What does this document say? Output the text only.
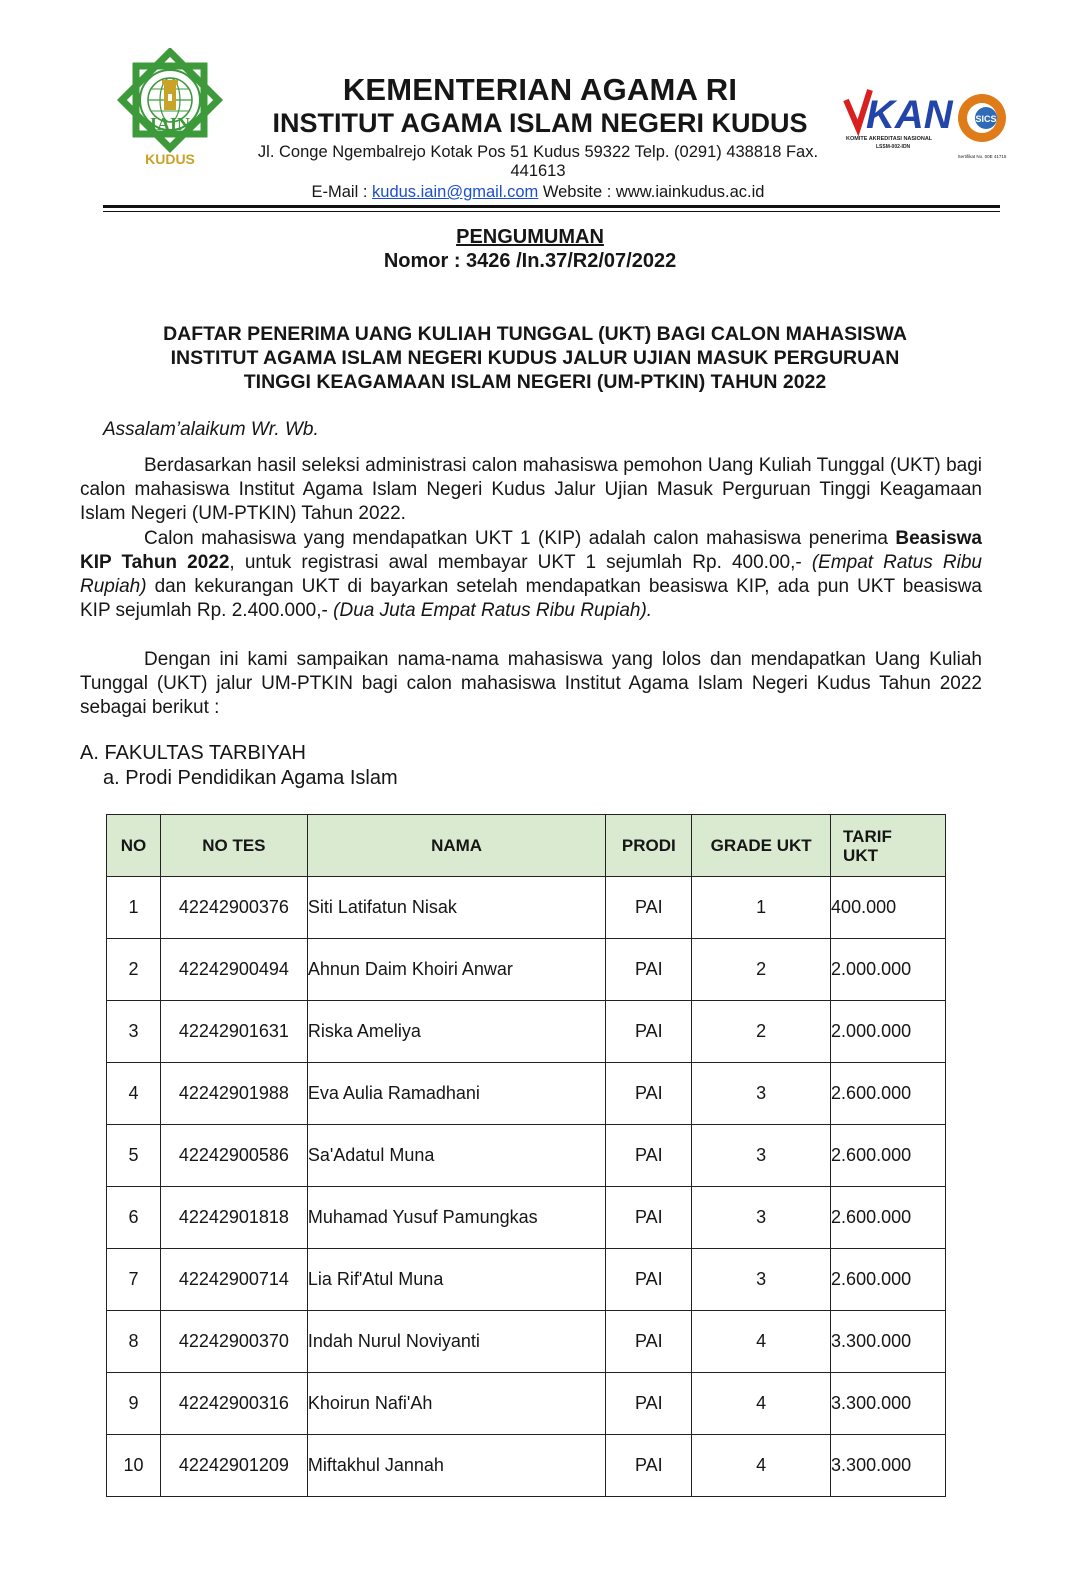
IAIN
KUDUS
KEMENTERIAN AGAMA RI
INSTITUT AGAMA ISLAM NEGERI KUDUS
Jl. Conge Ngembalrejo Kotak Pos 51 Kudus 59322 Telp. (0291) 438818 Fax.
441613
E-Mail : kudus.iain@gmail.com Website : www.iainkudus.ac.id
KAN
KOMITE AKREDITASI NASIONAL
LSSM-002-IDN
SICS
SUCOFINDO
ISO 9001
Sertifikat No. 00E 41715
PENGUMUMAN
Nomor : 3426 /In.37/R2/07/2022
DAFTAR PENERIMA UANG KULIAH TUNGGAL (UKT) BAGI CALON MAHASISWA
INSTITUT AGAMA ISLAM NEGERI KUDUS JALUR UJIAN MASUK PERGURUAN
TINGGI KEAGAMAAN ISLAM NEGERI (UM-PTKIN) TAHUN 2022
Assalam’alaikum Wr. Wb.
Berdasarkan hasil seleksi administrasi calon mahasiswa pemohon Uang Kuliah Tunggal (UKT) bagi calon mahasiswa Institut Agama Islam Negeri Kudus Jalur Ujian Masuk Perguruan Tinggi Keagamaan Islam Negeri (UM-PTKIN) Tahun 2022.
Calon mahasiswa yang mendapatkan UKT 1 (KIP) adalah calon mahasiswa penerima Beasiswa KIP Tahun 2022, untuk registrasi awal membayar UKT 1 sejumlah Rp. 400.00,- (Empat Ratus Ribu Rupiah) dan kekurangan UKT di bayarkan setelah mendapatkan beasiswa KIP, ada pun UKT beasiswa KIP sejumlah Rp. 2.400.000,- (Dua Juta Empat Ratus Ribu Rupiah).
Dengan ini kami sampaikan nama-nama mahasiswa yang lolos dan mendapatkan Uang Kuliah Tunggal (UKT) jalur UM-PTKIN bagi calon mahasiswa Institut Agama Islam Negeri Kudus Tahun 2022 sebagai berikut :
A. FAKULTAS TARBIYAH
a. Prodi Pendidikan Agama Islam
NO	NO TES	NAMA	PRODI	GRADE UKT	TARIF
UKT
1	42242900376	Siti Latifatun Nisak	PAI	1	400.000
2	42242900494	Ahnun Daim Khoiri Anwar	PAI	2	2.000.000
3	42242901631	Riska Ameliya	PAI	2	2.000.000
4	42242901988	Eva Aulia Ramadhani	PAI	3	2.600.000
5	42242900586	Sa'Adatul Muna	PAI	3	2.600.000
6	42242901818	Muhamad Yusuf Pamungkas	PAI	3	2.600.000
7	42242900714	Lia Rif'Atul Muna	PAI	3	2.600.000
8	42242900370	Indah Nurul Noviyanti	PAI	4	3.300.000
9	42242900316	Khoirun Nafi'Ah	PAI	4	3.300.000
10	42242901209	Miftakhul Jannah	PAI	4	3.300.000
